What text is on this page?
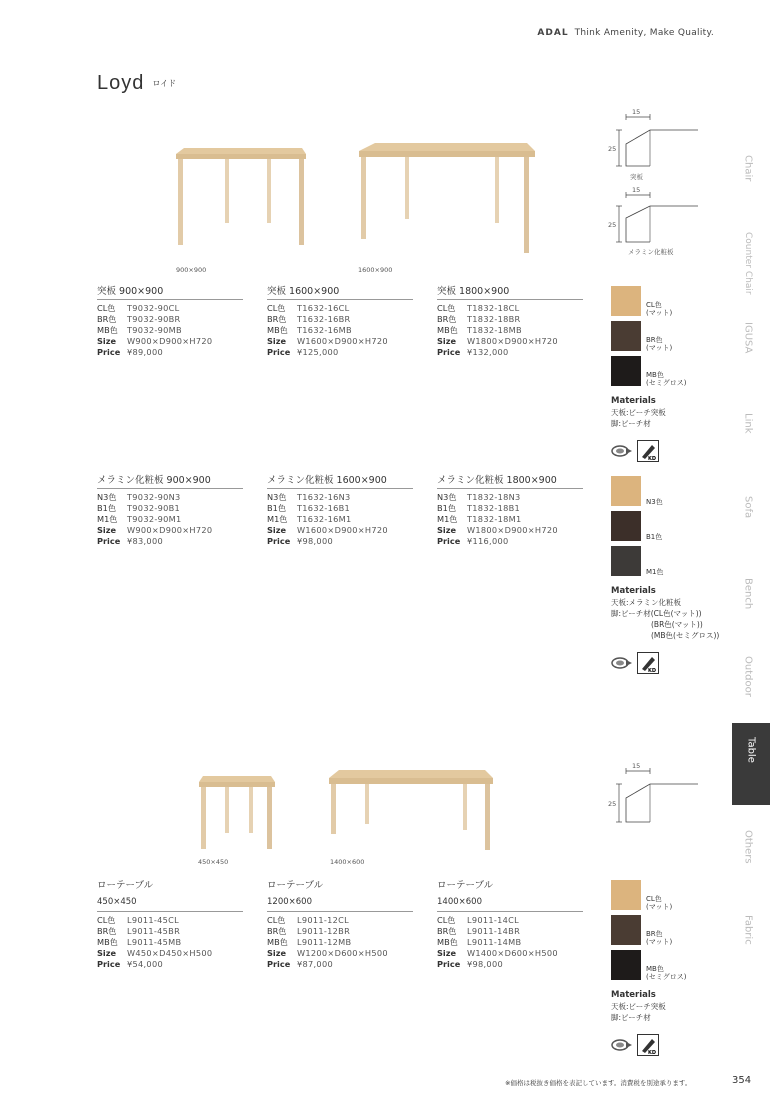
ADAL Think Amenity, Make Quality.
Loyd ロイド
900×900	1600×900
450×450	1400×600
15
25
突板
15
25
メラミン化粧板
15
25
突板 900×900
CL色	T9032-90CL
BR色	T9032-90BR
MB色	T9032-90MB
Size	W900×D900×H720
Price ¥89,000
突板 1600×900
CL色	T1632-16CL
BR色	T1632-16BR
MB色	T1632-16MB
Size	W1600×D900×H720
Price ¥125,000
突板 1800×900
CL色	T1832-18CL
BR色	T1832-18BR
MB色	T1832-18MB
Size	W1800×D900×H720
Price ¥132,000
メラミン化粧板 900×900
N3色	T9032-90N3
B1色	T9032-90B1
M1色	T9032-90M1
Size	W900×D900×H720
Price ¥83,000
メラミン化粧板 1600×900
N3色	T1632-16N3
B1色	T1632-16B1
M1色	T1632-16M1
Size	W1600×D900×H720
Price ¥98,000
メラミン化粧板 1800×900
N3色	T1832-18N3
B1色	T1832-18B1
M1色	T1832-18M1
Size	W1800×D900×H720
Price ¥116,000
ローテーブル
450×450
CL色	L9011-45CL
BR色	L9011-45BR
MB色	L9011-45MB
Size	W450×D450×H500
Price ¥54,000
ローテーブル
1200×600
CL色	L9011-12CL
BR色	L9011-12BR
MB色	L9011-12MB
Size	W1200×D600×H500
Price ¥87,000
ローテーブル
1400×600
CL色	L9011-14CL
BR色	L9011-14BR
MB色	L9011-14MB
Size	W1400×D600×H500
Price ¥98,000
CL色
(マット)
BR色
(マット)
MB色
(セミグロス)
Materials
天板:ビーチ突板
脚:ビーチ材
KD
N3色
B1色
M1色
Materials
天板:メラミン化粧板
脚:ビーチ材(CL色(マット))
(BR色(マット))
(MB色(セミグロス))
KD
CL色
(マット)
BR色
(マット)
MB色
(セミグロス)
Materials
天板:ビーチ突板
脚:ビーチ材
KD
Chair
Counter Chair
IGUSA
Link
Sofa
Bench
Outdoor
Table
Others
Fabric
※価格は税抜き価格を表記しています。消費税を別途承ります。	354
